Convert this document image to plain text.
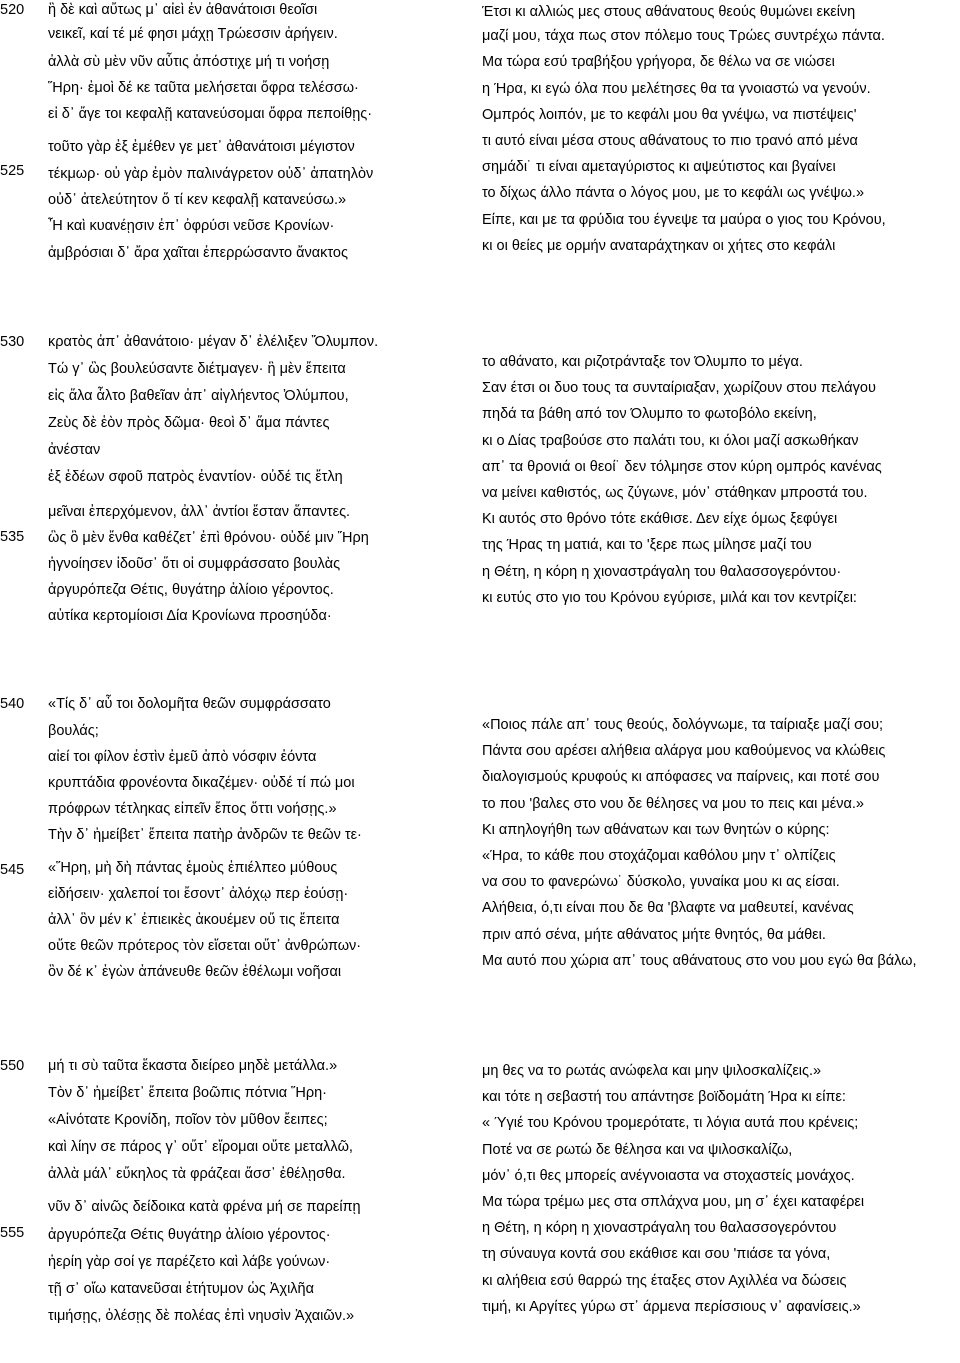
520
525
ἣ δὲ καὶ αὔτως μ᾽ αἰεὶ ἐν ἀθανάτοισι θεοῖσι
νεικεῖ, καί τέ μέ φησι μάχῃ Τρώεσσιν ἀρήγειν.
ἀλλὰ σὺ μὲν νῦν αὖτις ἀπόστιχε μή τι νοήσῃ
Ἥρη· ἐμοὶ δέ κε ταῦτα μελήσεται ὄφρα τελέσσω·
εἰ δ᾽ ἄγε τοι κεφαλῇ κατανεύσομαι ὄφρα πεποίθῃς·
τοῦτο γὰρ ἐξ ἐμέθεν γε μετ᾽ ἀθανάτοισι μέγιστον
τέκμωρ· οὐ γὰρ ἐμὸν παλινάγρετον οὐδ᾽ ἀπατηλὸν
οὐδ᾽ ἀτελεύτητον ὅ τί κεν κεφαλῇ κατανεύσω.»
Ἦ καὶ κυανέῃσιν ἐπ᾽ ὀφρύσι νεῦσε Κρονίων·
ἀμβρόσιαι δ᾽ ἄρα χαῖται ἐπερρώσαντο ἄνακτος
Έτσι κι αλλιώς μες στους αθάνατους θεούς θυμώνει εκείνη
μαζί μου, τάχα πως στον πόλεμο τους Τρώες συντρέχω πάντα.
Μα τώρα εσύ τραβήξου γρήγορα, δε θέλω να σε νιώσει
η Ήρα, κι εγώ όλα που μελέτησες θα τα γνοιαστώ να γενούν.
Ομπρός λοιπόν, με το κεφάλι μου θα γνέψω, να πιστέψεις'
τι αυτό είναι μέσα στους αθάνατους το πιο τρανό από μένα
σημάδι˙ τι είναι αμεταγύριστος κι αψεύτιστος και βγαίνει
το δίχως άλλο πάντα ο λόγος μου, με το κεφάλι ως γνέψω.»
Είπε, και με τα φρύδια του έγνεψε τα μαύρα ο γιος του Κρόνου,
κι οι θείες με ορμήν αναταράχτηκαν οι χήτες στο κεφάλι
530
535
κρατὸς ἀπ᾽ ἀθανάτοιο· μέγαν δ᾽ ἐλέλιξεν Ὄλυμπον.
Τώ γ᾽ ὣς βουλεύσαντε διέτμαγεν· ἣ μὲν ἔπειτα
εἰς ἅλα ἆλτο βαθεῖαν ἀπ᾽ αἰγλήεντος Ὀλύμπου,
Ζεὺς δὲ ἑὸν πρὸς δῶμα· θεοὶ δ᾽ ἅμα πάντες
ἀνέσταν
ἐξ ἑδέων σφοῦ πατρὸς ἐναντίον· οὐδέ τις ἔτλη
μεῖναι ἐπερχόμενον, ἀλλ᾽ ἀντίοι ἔσταν ἅπαντες.
ὣς ὃ μὲν ἔνθα καθέζετ᾽ ἐπὶ θρόνου· οὐδέ μιν Ἥρη
ἠγνοίησεν ἰδοῦσ᾽ ὅτι οἱ συμφράσσατο βουλὰς
ἀργυρόπεζα Θέτις, θυγάτηρ ἁλίοιο γέροντος.
αὐτίκα κερτομίοισι Δία Κρονίωνα προσηύδα·
το αθάνατο, και ριζοτράνταξε τον Όλυμπο το μέγα.
Σαν έτσι οι δυο τους τα συνταίριαξαν, χωρίζουν στου πελάγου
πηδά τα βάθη από τον Όλυμπο το φωτοβόλο εκείνη,
κι ο Δίας τραβούσε στο παλάτι του, κι όλοι μαζί ασκωθήκαν
απ᾽ τα θρονιά οι θεοί˙ δεν τόλμησε στον κύρη ομπρός κανένας
να μείνει καθιστός, ως ζύγωνε, μόν᾽ στάθηκαν μπροστά του.
Κι αυτός στο θρόνο τότε εκάθισε. Δεν είχε όμως ξεφύγει
της Ήρας τη ματιά, και το 'ξερε πως μίλησε μαζί του
η Θέτη, η κόρη η χιοναστράγαλη του θαλασσογερόντου·
κι ευτύς στο γιο του Κρόνου εγύρισε, μιλά και τον κεντρίζει:
540
545
«Τίς δ᾽ αὖ τοι δολομῆτα θεῶν συμφράσσατο
βουλάς;
αἰεί τοι φίλον ἐστὶν ἐμεῦ ἀπὸ νόσφιν ἐόντα
κρυπτάδια φρονέοντα δικαζέμεν· οὐδέ τί πώ μοι
πρόφρων τέτληκας εἰπεῖν ἔπος ὅττι νοήσῃς.»
Τὴν δ᾽ ἠμείβετ᾽ ἔπειτα πατὴρ ἀνδρῶν τε θεῶν τε·
«Ἥρη, μὴ δὴ πάντας ἐμοὺς ἐπιέλπεο μύθους
εἰδήσειν· χαλεποί τοι ἔσοντ᾽ ἀλόχῳ περ ἐούσῃ·
ἀλλ᾽ ὃν μέν κ᾽ ἐπιεικὲς ἀκουέμεν οὔ τις ἔπειτα
οὔτε θεῶν πρότερος τὸν εἴσεται οὔτ᾽ ἀνθρώπων·
ὃν δέ κ᾽ ἐγὼν ἀπάνευθε θεῶν ἐθέλωμι νοῆσαι
«Ποιος πάλε απ᾽ τους θεούς, δολόγνωμε, τα ταίριαξε μαζί σου;
Πάντα σου αρέσει αλήθεια αλάργα μου καθούμενος να κλώθεις
διαλογισμούς κρυφούς κι απόφασες να παίρνεις, και ποτέ σου
το που 'βαλες στο νου δε θέλησες να μου το πεις και μένα.»
Κι απηλογήθη των αθάνατων και των θνητών ο κύρης:
«Ήρα, το κάθε που στοχάζομαι καθόλου μην τ᾽ ολπίζεις
να σου το φανερώνω˙ δύσκολο, γυναίκα μου κι ας είσαι.
Αλήθεια, ό,τι είναι που δε θα 'βλαφτε να μαθευτεί, κανένας
πριν από σένα, μήτε αθάνατος μήτε θνητός, θα μάθει.
Μα αυτό που χώρια απ᾽ τους αθάνατους στο νου μου εγώ θα βάλω,
550
555
μή τι σὺ ταῦτα ἕκαστα διείρεο μηδὲ μετάλλα.»
Τὸν δ᾽ ἠμείβετ᾽ ἔπειτα βοῶπις πότνια Ἥρη·
«Αἰνότατε Κρονίδη, ποῖον τὸν μῦθον ἔειπες;
καὶ λίην σε πάρος γ᾽ οὔτ᾽ εἴρομαι οὔτε μεταλλῶ,
ἀλλὰ μάλ᾽ εὔκηλος τὰ φράζεαι ἅσσ᾽ ἐθέλῃσθα.
νῦν δ᾽ αἰνῶς δείδοικα κατὰ φρένα μή σε παρείπῃ
ἀργυρόπεζα Θέτις θυγάτηρ ἁλίοιο γέροντος·
ἠερίη γὰρ σοί γε παρέζετο καὶ λάβε γούνων·
τῇ σ᾽ οἴω κατανεῦσαι ἐτήτυμον ὡς Ἀχιλῆα
τιμήσῃς, ὀλέσῃς δὲ πολέας ἐπὶ νηυσὶν Ἀχαιῶν.»
μη θες να τo ρωτάς ανώφελα και μην ψιλοσκαλίζεις.»
και τότε η σεβαστή του απάντησε βοϊδομάτη Ήρα κι είπε:
« Ύγιέ του Κρόνου τρομερότατε, τι λόγια αυτά που κρένεις;
Ποτέ να σε ρωτώ δε θέλησα και να ψιλοσκαλίζω,
μόν᾽ ό,τι θες μπορείς ανέγνοιαστα να στοχαστείς μονάχος.
Μα τώρα τρέμω μες στα σπλάχνα μου, μη σ᾽ έχει καταφέρει
η Θέτη, η κόρη η χιοναστράγαλη του θαλασσογερόντου
τη σύναυγα κοντά σου εκάθισε και σου 'πιάσε τα γόνα,
κι αλήθεια εσύ θαρρώ της έταξες στον Αχιλλέα να δώσεις
τιμή, κι Αργίτες γύρω στ᾽ άρμενα περίσσιους ν᾽ αφανίσεις.»
